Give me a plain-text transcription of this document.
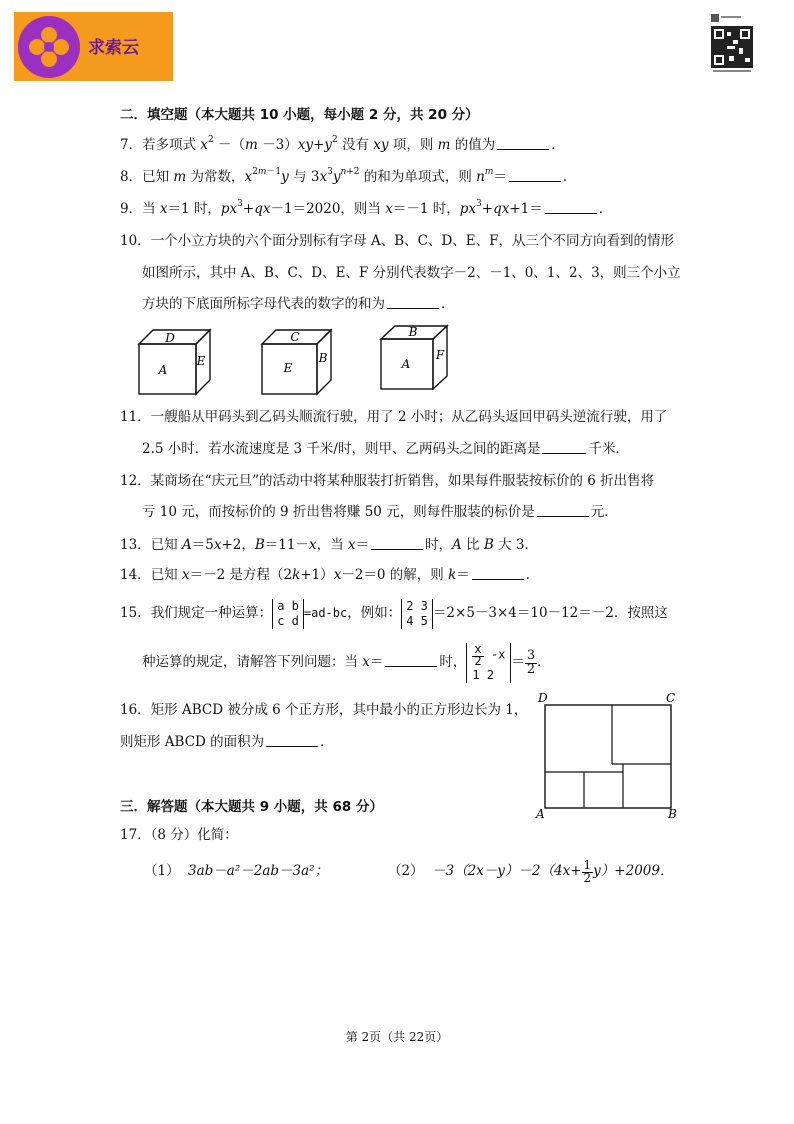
求索云
二．填空题（本大题共 10 小题，每小题 2 分，共 20 分）
7．若多项式 $x^2 -(m -3)xy+y^2$ 没有 xy 项，则 m 的值为	．
8．已知 m 为常数，$x^{2m-1}y$ 与 $3x^3y^{n+2}$ 的和为单项式，则 $n^m=$	．
9．当 x＝1 时，$px^3+qx-1=2020$，则当 x＝－1 时，$px^3+qx+1=$	．
10．一个小立方块的六个面分别标有字母 A、B、C、D、E、F，从三个不同方向看到的情形
如图所示，其中 A、B、C、D、E、F 分别代表数字－2、－1、0、1、2、3，则三个小立
方块的下底面所标字母代表的数字的和为	．
D
A
E
C
E
B
B
A
F
11．一艘船从甲码头到乙码头顺流行驶，用了 2 小时；从乙码头返回甲码头逆流行驶，用了
2.5 小时．若水流速度是 3 千米/时，则甲、乙两码头之间的距离是	千米．
12．某商场在“庆元旦”的活动中将某种服装打折销售，如果每件服装按标价的 6 折出售将
亏 10 元，而按标价的 9 折出售将赚 50 元，则每件服装的标价是	元．
13．已知 A＝5x+2，B＝11－x，当 x＝	时，A 比 B 大 3．
14．已知 x＝－2 是方程（2k+1）x－2＝0 的解，则 k＝	．
15．我们规定一种运算： a b
c d=ad-bc，例如： 2 3
4 5 ＝2×5－3×4＝10－12＝－2．按照这
种运算的规定，请解答下列问题：当 x＝	时， $\frac{x}{2} -x$
1 $2=\frac{3}{2}$．
16．矩形 ABCD 被分成 6 个正方形，其中最小的正方形边长为 1，
则矩形 ABCD 的面积为	．
D	C
A	B
三．解答题（本大题共 9 小题，共 68 分）
17．（8 分）化简：
（1） 3ab－a²－2ab－3a²；	$(2) -3(2x-y)-2(4x+\frac{1}{2}y)+2009$．
第 2页（共 22页）
